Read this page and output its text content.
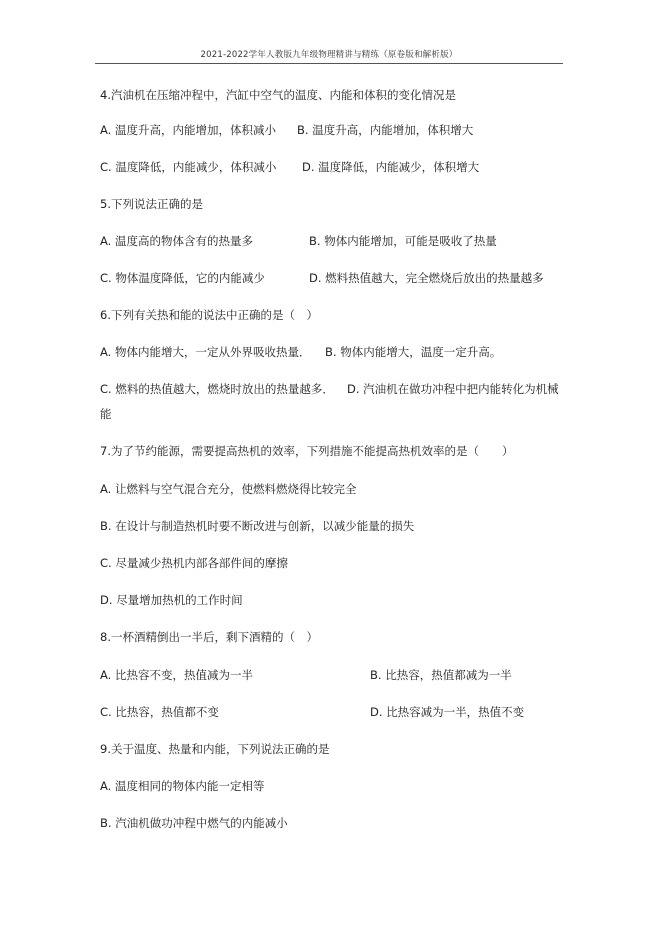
2021-2022学年人教版九年级物理精讲与精练（原卷版和解析版）
4.汽油机在压缩冲程中，汽缸中空气的温度、内能和体积的变化情况是
A. 温度升高，内能增加，体积减小 B. 温度升高，内能增加，体积增大
C. 温度降低，内能减少，体积减小 D. 温度降低，内能减少，体积增大
5.下列说法正确的是
A. 温度高的物体含有的热量多	B. 物体内能增加，可能是吸收了热量
C. 物体温度降低，它的内能减少	D. 燃料热值越大，完全燃烧后放出的热量越多
6.下列有关热和能的说法中正确的是（　）
A. 物体内能增大，一定从外界吸收热量． B. 物体内能增大，温度一定升高。
C. 燃料的热值越大，燃烧时放出的热量越多． D. 汽油机在做功冲程中把内能转化为机械
能
7.为了节约能源，需要提高热机的效率，下列措施不能提高热机效率的是（　　）
A. 让燃料与空气混合充分，使燃料燃烧得比较完全
B. 在设计与制造热机时要不断改进与创新，以减少能量的损失
C. 尽量减少热机内部各部件间的摩擦
D. 尽量增加热机的工作时间
8.一杯酒精倒出一半后，剩下酒精的（　）
A. 比热容不变，热值减为一半	B. 比热容，热值都减为一半
C. 比热容，热值都不变	D. 比热容减为一半，热值不变
9.关于温度、热量和内能，下列说法正确的是
A. 温度相同的物体内能一定相等
B. 汽油机做功冲程中燃气的内能减小
